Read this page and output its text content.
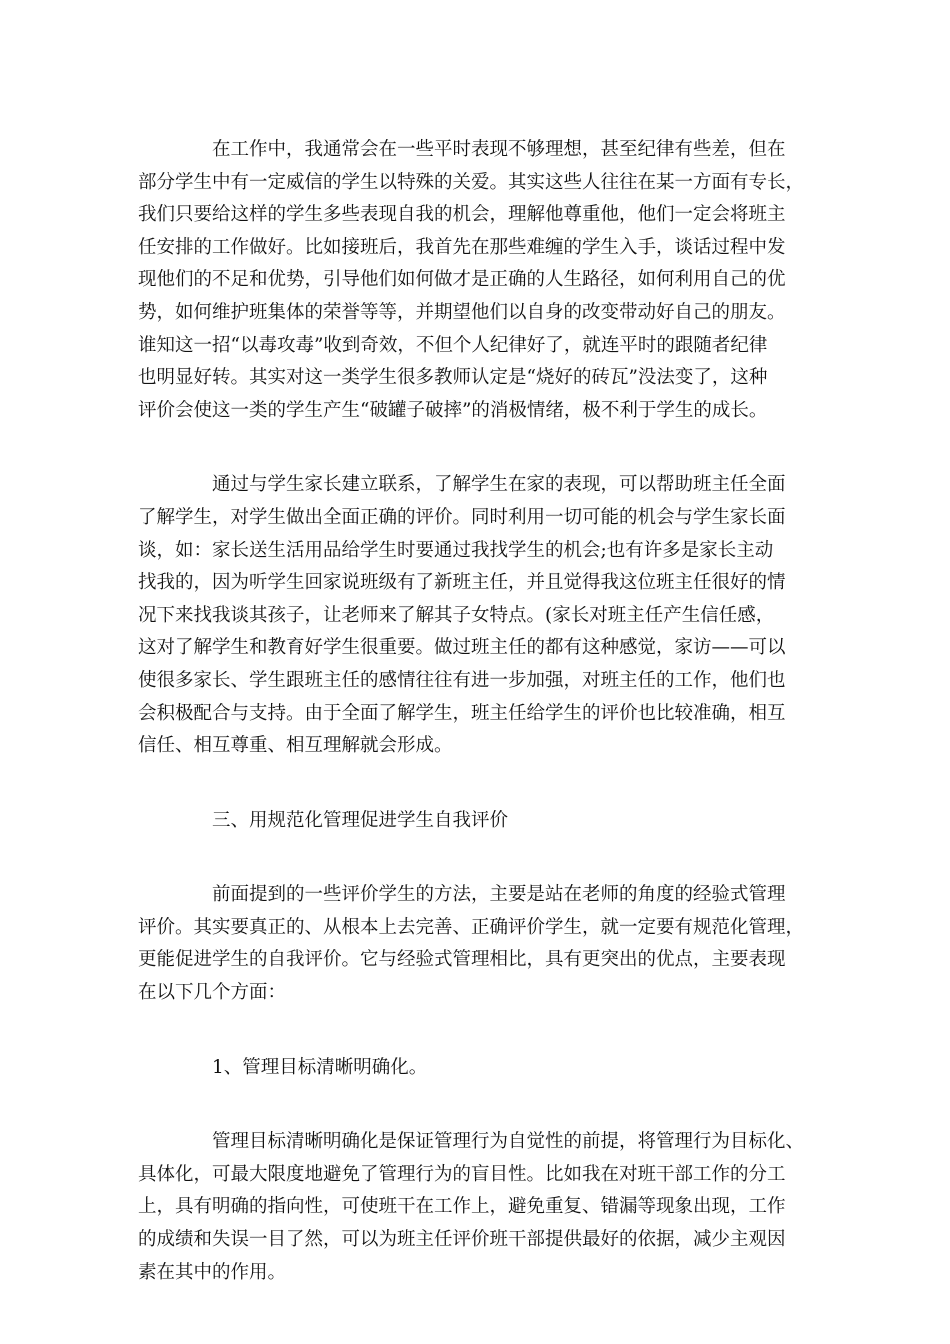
在工作中，我通常会在一些平时表现不够理想，甚至纪律有些差，但在
部分学生中有一定威信的学生以特殊的关爱。其实这些人往往在某一方面有专长，
我们只要给这样的学生多些表现自我的机会，理解他尊重他，他们一定会将班主
任安排的工作做好。比如接班后，我首先在那些难缠的学生入手，谈话过程中发
现他们的不足和优势，引导他们如何做才是正确的人生路径，如何利用自己的优
势，如何维护班集体的荣誉等等，并期望他们以自身的改变带动好自己的朋友。
谁知这一招“以毒攻毒”收到奇效，不但个人纪律好了，就连平时的跟随者纪律
也明显好转。其实对这一类学生很多教师认定是“烧好的砖瓦”没法变了，这种
评价会使这一类的学生产生“破罐子破摔”的消极情绪，极不利于学生的成长。
通过与学生家长建立联系，了解学生在家的表现，可以帮助班主任全面
了解学生，对学生做出全面正确的评价。同时利用一切可能的机会与学生家长面
谈，如：家长送生活用品给学生时要通过我找学生的机会;也有许多是家长主动
找我的，因为听学生回家说班级有了新班主任，并且觉得我这位班主任很好的情
况下来找我谈其孩子，让老师来了解其子女特点。(家长对班主任产生信任感，
这对了解学生和教育好学生很重要。做过班主任的都有这种感觉，家访——可以
使很多家长、学生跟班主任的感情往往有进一步加强，对班主任的工作，他们也
会积极配合与支持。由于全面了解学生，班主任给学生的评价也比较准确，相互
信任、相互尊重、相互理解就会形成。
三、用规范化管理促进学生自我评价
前面提到的一些评价学生的方法，主要是站在老师的角度的经验式管理
评价。其实要真正的、从根本上去完善、正确评价学生，就一定要有规范化管理，
更能促进学生的自我评价。它与经验式管理相比，具有更突出的优点，主要表现
在以下几个方面：
1、管理目标清晰明确化。
管理目标清晰明确化是保证管理行为自觉性的前提，将管理行为目标化、
具体化，可最大限度地避免了管理行为的盲目性。比如我在对班干部工作的分工
上，具有明确的指向性，可使班干在工作上，避免重复、错漏等现象出现，工作
的成绩和失误一目了然，可以为班主任评价班干部提供最好的依据，减少主观因
素在其中的作用。
